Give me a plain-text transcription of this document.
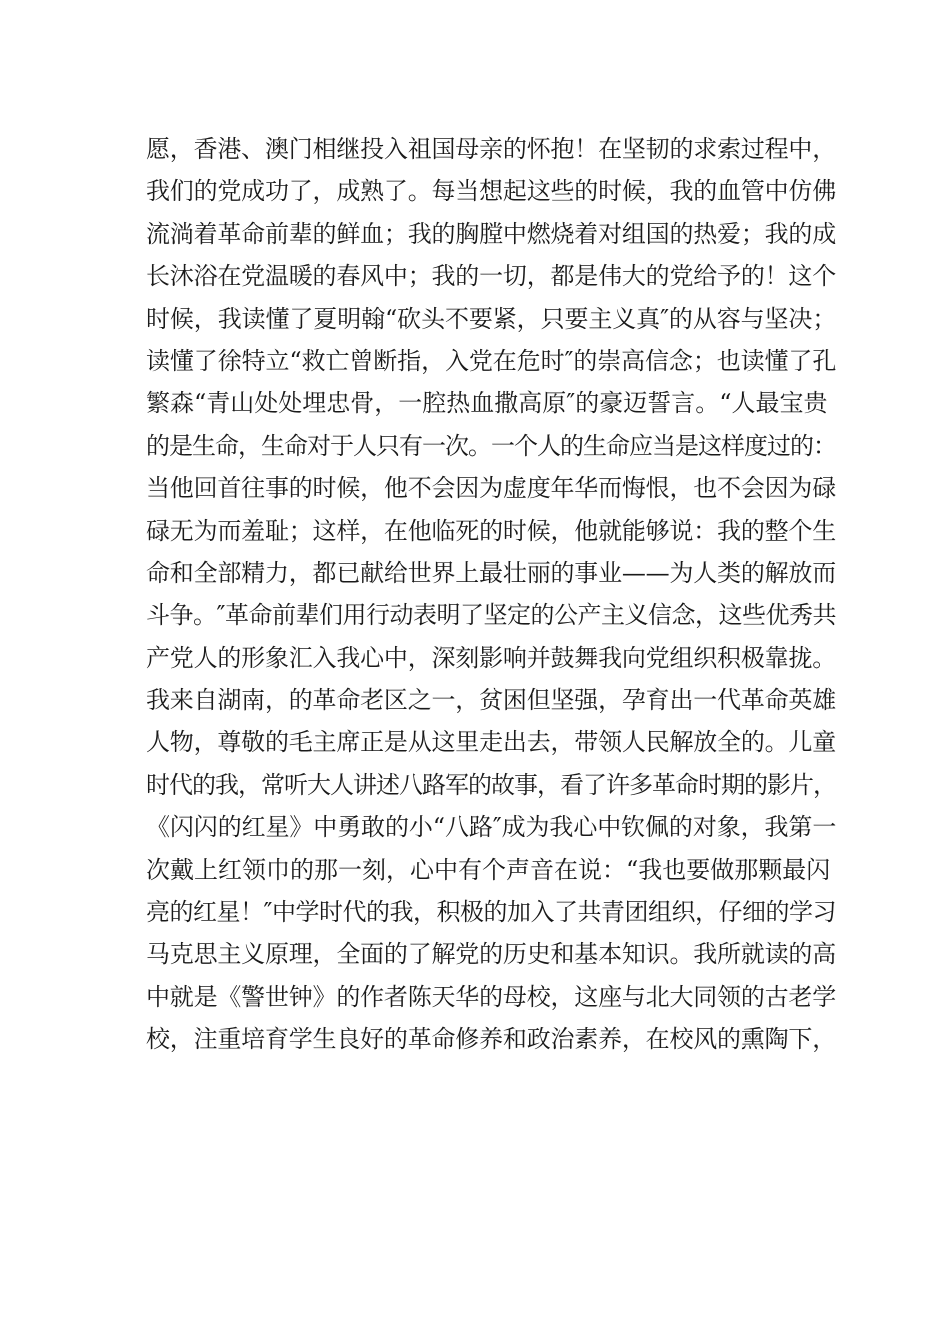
愿，香港、澳门相继投入祖国母亲的怀抱！在坚韧的求索过程中，
我们的党成功了，成熟了。每当想起这些的时候，我的血管中仿佛
流淌着革命前辈的鲜血；我的胸膛中燃烧着对组国的热爱；我的成
长沐浴在党温暖的春风中；我的一切，都是伟大的党给予的！这个
时候，我读懂了夏明翰“砍头不要紧，只要主义真″的从容与坚决；
读懂了徐特立“救亡曾断指，入党在危时″的崇高信念；也读懂了孔
繁森“青山处处埋忠骨，一腔热血撒高原″的豪迈誓言。“人最宝贵
的是生命，生命对于人只有一次。一个人的生命应当是这样度过的：
当他回首往事的时候，他不会因为虚度年华而悔恨，也不会因为碌
碌无为而羞耻；这样，在他临死的时候，他就能够说：我的整个生
命和全部精力，都已献给世界上最壮丽的事业——为人类的解放而
斗争。″革命前辈们用行动表明了坚定的公产主义信念，这些优秀共
产党人的形象汇入我心中，深刻影响并鼓舞我向党组织积极靠拢。
我来自湖南，的革命老区之一，贫困但坚强，孕育出一代革命英雄
人物，尊敬的毛主席正是从这里走出去，带领人民解放全的。儿童
时代的我，常听大人讲述八路军的故事，看了许多革命时期的影片，
《闪闪的红星》中勇敢的小“八路″成为我心中钦佩的对象，我第一
次戴上红领巾的那一刻，心中有个声音在说：“我也要做那颗最闪
亮的红星！″中学时代的我，积极的加入了共青团组织，仔细的学习
马克思主义原理，全面的了解党的历史和基本知识。我所就读的高
中就是《警世钟》的作者陈天华的母校，这座与北大同领的古老学
校，注重培育学生良好的革命修养和政治素养，在校风的熏陶下，
